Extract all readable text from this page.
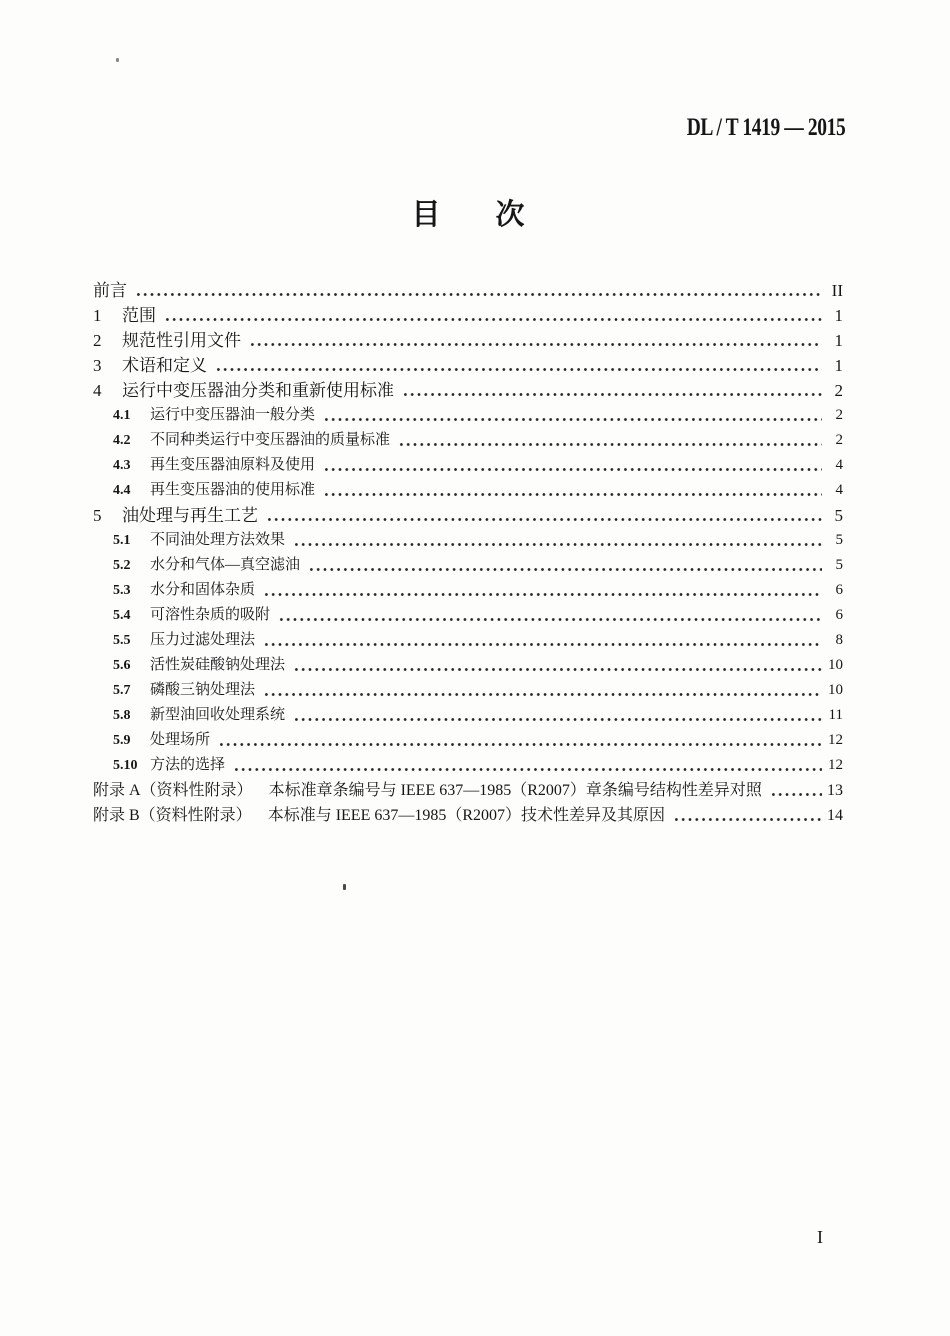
DL / T 1419 — 2015
目　次
前言	II
1	范围	1
2	规范性引用文件	1
3	术语和定义	1
4	运行中变压器油分类和重新使用标准	2
4.1	运行中变压器油一般分类	2
4.2	不同种类运行中变压器油的质量标准	2
4.3	再生变压器油原料及使用	4
4.4	再生变压器油的使用标准	4
5	油处理与再生工艺	5
5.1	不同油处理方法效果	5
5.2	水分和气体—真空滤油	5
5.3	水分和固体杂质	6
5.4	可溶性杂质的吸附	6
5.5	压力过滤处理法	8
5.6	活性炭硅酸钠处理法	10
5.7	磷酸三钠处理法	10
5.8	新型油回收处理系统	11
5.9	处理场所	12
5.10 方法的选择	12
附录 A（资料性附录） 本标准章条编号与 IEEE 637—1985（R2007）章条编号结构性差异对照	13
附录 B（资料性附录） 本标准与 IEEE 637—1985（R2007）技术性差异及其原因	14
I
